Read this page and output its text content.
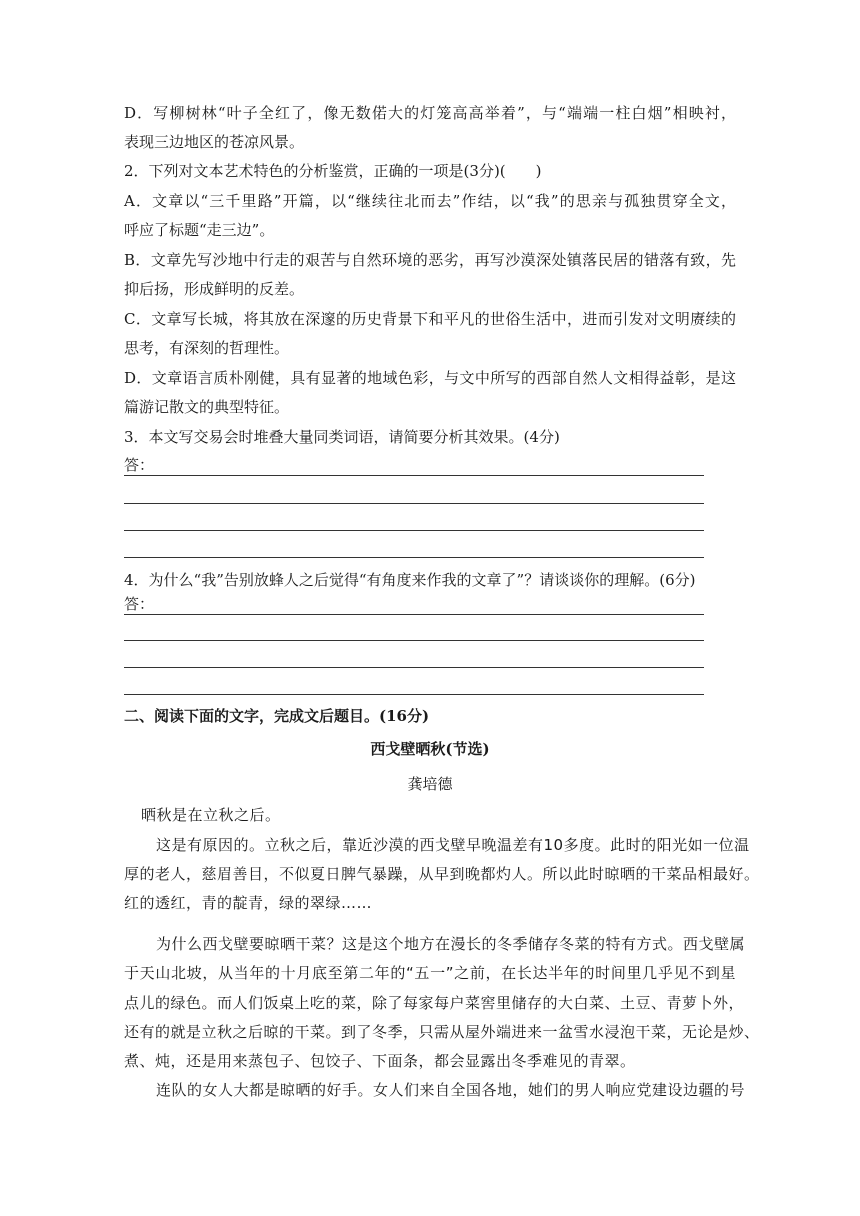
D．写柳树林“叶子全红了，像无数偌大的灯笼高高举着”，与“端端一柱白烟”相映衬，

表现三边地区的苍凉风景。

2．下列对文本艺术特色的分析鉴赏，正确的一项是(3分)(　　)

A．文章以“三千里路”开篇，以“继续往北而去”作结，以“我”的思亲与孤独贯穿全文，

呼应了标题“走三边”。

B．文章先写沙地中行走的艰苦与自然环境的恶劣，再写沙漠深处镇落民居的错落有致，先

抑后扬，形成鲜明的反差。

C．文章写长城，将其放在深邃的历史背景下和平凡的世俗生活中，进而引发对文明赓续的

思考，有深刻的哲理性。

D．文章语言质朴刚健，具有显著的地域色彩，与文中所写的西部自然人文相得益彰，是这

篇游记散文的典型特征。

3．本文写交易会时堆叠大量同类词语，请简要分析其效果。(4分)

答：

4．为什么“我”告别放蜂人之后觉得“有角度来作我的文章了”？请谈谈你的理解。(6分)

答：

二、阅读下面的文字，完成文后题目。(16分)

西戈壁晒秋(节选)
龚培德

晒秋是在立秋之后。

这是有原因的。立秋之后，靠近沙漠的西戈壁早晚温差有10多度。此时的阳光如一位温

厚的老人，慈眉善目，不似夏日脾气暴躁，从早到晚都灼人。所以此时晾晒的干菜品相最好。

红的透红，青的靛青，绿的翠绿……

为什么西戈壁要晾晒干菜？这是这个地方在漫长的冬季储存冬菜的特有方式。西戈壁属

于天山北坡，从当年的十月底至第二年的“五一”之前，在长达半年的时间里几乎见不到星

点儿的绿色。而人们饭桌上吃的菜，除了每家每户菜窖里储存的大白菜、土豆、青萝卜外，

还有的就是立秋之后晾的干菜。到了冬季，只需从屋外端进来一盆雪水浸泡干菜，无论是炒、

煮、炖，还是用来蒸包子、包饺子、下面条，都会显露出冬季难见的青翠。

连队的女人大都是晾晒的好手。女人们来自全国各地，她们的男人响应党建设边疆的号
